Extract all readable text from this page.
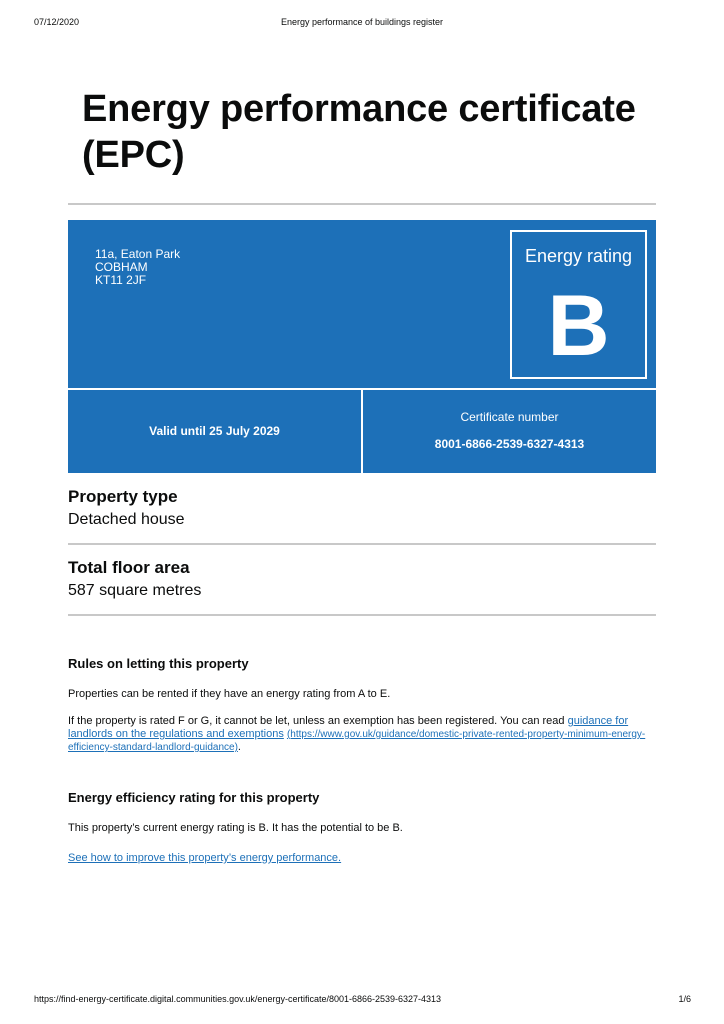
07/12/2020	Energy performance of buildings register
Energy performance certificate (EPC)
11a, Eaton Park
COBHAM
KT11 2JF
Energy rating
B
Valid until 25 July 2029
Certificate number
8001-6866-2539-6327-4313
Property type
Detached house
Total floor area
587 square metres
Rules on letting this property

Properties can be rented if they have an energy rating from A to E.

If the property is rated F or G, it cannot be let, unless an exemption has been registered. You can read guidance for landlords on the regulations and exemptions (https://www.gov.uk/guidance/domestic-private-rented-property-minimum-energy-efficiency-standard-landlord-guidance).

Energy efficiency rating for this property

This property’s current energy rating is B. It has the potential to be B.

See how to improve this property’s energy performance.

https://find-energy-certificate.digital.communities.gov.uk/energy-certificate/8001-6866-2539-6327-4313	1/6
